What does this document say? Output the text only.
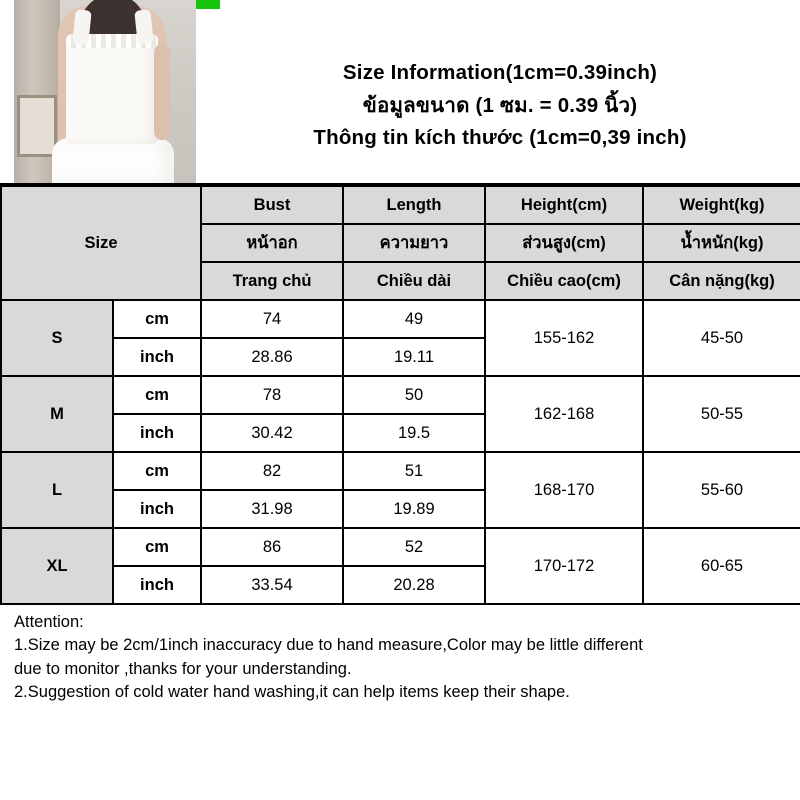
Size Information(1cm=0.39inch)
ข้อมูลขนาด (1 ซม. = 0.39 นิ้ว)
Thông tin kích thước (1cm=0,39 inch)
Size		Bust	Length	Height(cm)	Weight(kg)
		หน้าอก	ความยาว	ส่วนสูง(cm)	น้ำหนัก(kg)
		Trang chủ	Chiều dài	Chiều cao(cm)	Cân nặng(kg)
S	cm	74	49	155-162	45-50
	inch	28.86	19.11		
M	cm	78	50	162-168	50-55
	inch	30.42	19.5		
L	cm	82	51	168-170	55-60
	inch	31.98	19.89		
XL	cm	86	52	170-172	60-65
	inch	33.54	20.28		
Attention:
1.Size may be 2cm/1inch inaccuracy due to hand measure,Color may be little different
due to monitor ,thanks for your understanding.
2.Suggestion of cold water hand washing,it can help items keep their shape.
